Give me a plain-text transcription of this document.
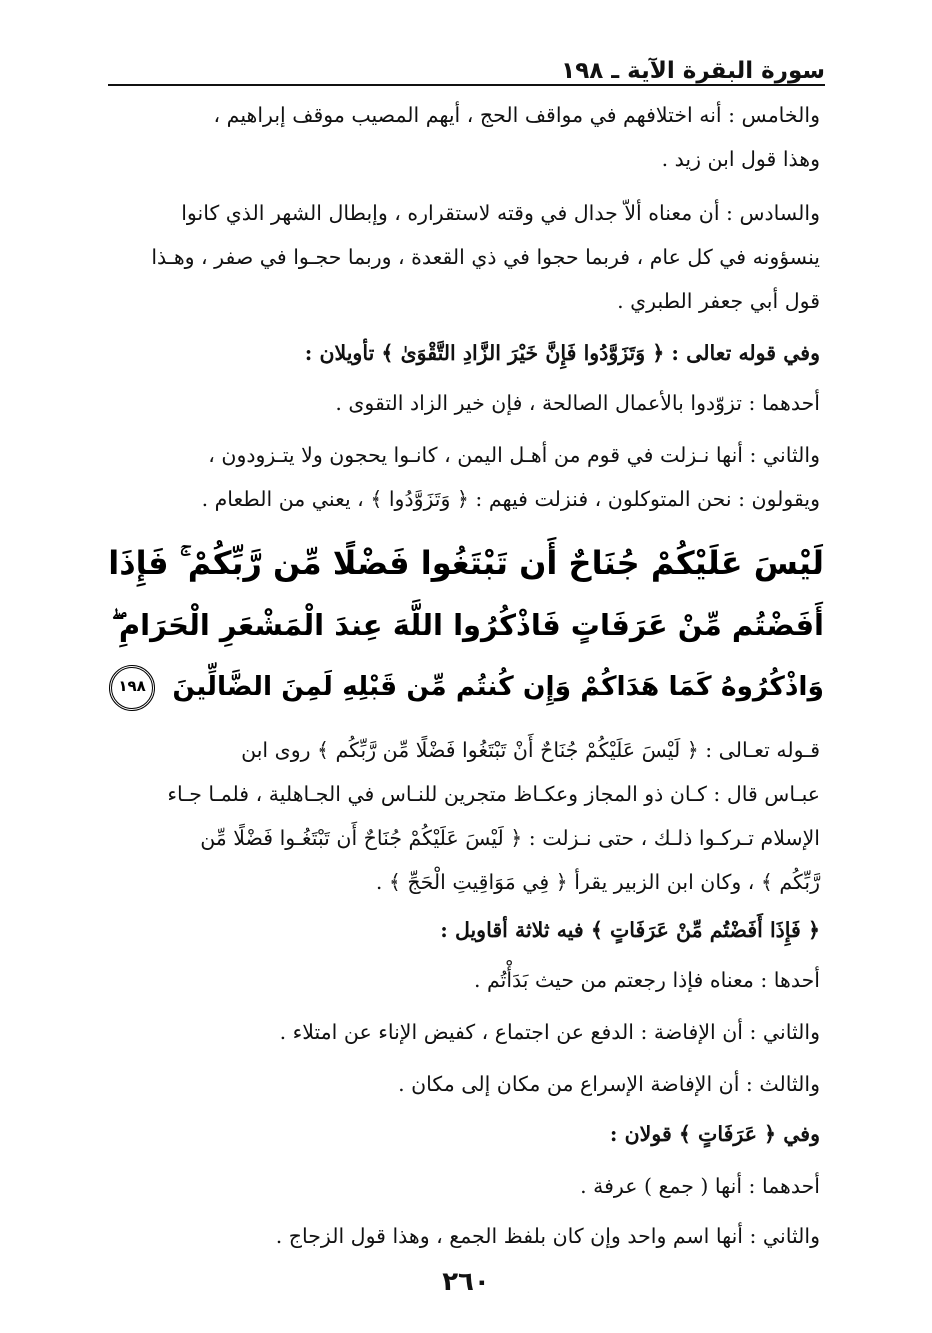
سورة البقرة الآية ـ ١٩٨
والخامس : أنه اختلافهم في مواقف الحج ، أيهم المصيب موقف إبراهيم ،
وهذا قول ابن زيد .
والسادس : أن معناه ألاّ جدال في وقته لاستقراره ، وإبطال الشهر الذي كانوا
ينسؤونه في كل عام ، فربما حجوا في ذي القعدة ، وربما حجـوا في صفر ، وهـذا
قول أبي جعفر الطبري .
وفي قوله تعالى : ﴿ وَتَزَوَّدُوا فَإِنَّ خَيْرَ الزَّادِ التَّقْوَىٰ ﴾ تأويلان :
أحدهما : تزوّدوا بالأعمال الصالحة ، فإن خير الزاد التقوى .
والثاني : أنها نـزلت في قوم من أهـل اليمن ، كانـوا يحجون ولا يتـزودون ،
ويقولون : نحن المتوكلون ، فنزلت فيهم : ﴿ وَتَزَوَّدُوا ﴾ ، يعني من الطعام .
لَيْسَ عَلَيْكُمْ جُنَاحٌ أَن تَبْتَغُوا فَضْلًا مِّن رَّبِّكُمْ ۚ فَإِذَا
أَفَضْتُم مِّنْ عَرَفَاتٍ فَاذْكُرُوا اللَّهَ عِندَ الْمَشْعَرِ الْحَرَامِ ۖ
وَاذْكُرُوهُ كَمَا هَدَاكُمْ وَإِن كُنتُم مِّن قَبْلِهِ لَمِنَ الضَّالِّينَ ١٩٨
قـوله تعـالى : ﴿ لَيْسَ عَلَيْكُمْ جُنَاحٌ أَنْ تَبْتَغُوا فَضْلًا مِّن رَّبِّكُم ﴾ روى ابن
عبـاس قال : كـان ذو المجاز وعكـاظ متجرين للنـاس في الجـاهلية ، فلمـا جـاء
الإسلام تـركـوا ذلـك ، حتى نـزلت : ﴿ لَيْسَ عَلَيْكُمْ جُنَاحٌ أَن تَبْتَغُـوا فَضْلًا مِّن
رَّبِّكُم ﴾ ، وكان ابن الزبير يقرأ ﴿ فِي مَوَاقِيتِ الْحَجِّ ﴾ .
﴿ فَإِذَا أَفَضْتُم مِّنْ عَرَفَاتٍ ﴾ فيه ثلاثة أقاويل :
أحدها : معناه فإذا رجعتم من حيث بَدَأْتُم .
والثاني : أن الإفاضة : الدفع عن اجتماع ، كفيض الإناء عن امتلاء .
والثالث : أن الإفاضة الإسراع من مكان إلى مكان .
وفي ﴿ عَرَفَاتٍ ﴾ قولان :
أحدهما : أنها ( جمع ) عرفة .
والثاني : أنها اسم واحد وإن كان بلفظ الجمع ، وهذا قول الزجاج .
٢٦٠
